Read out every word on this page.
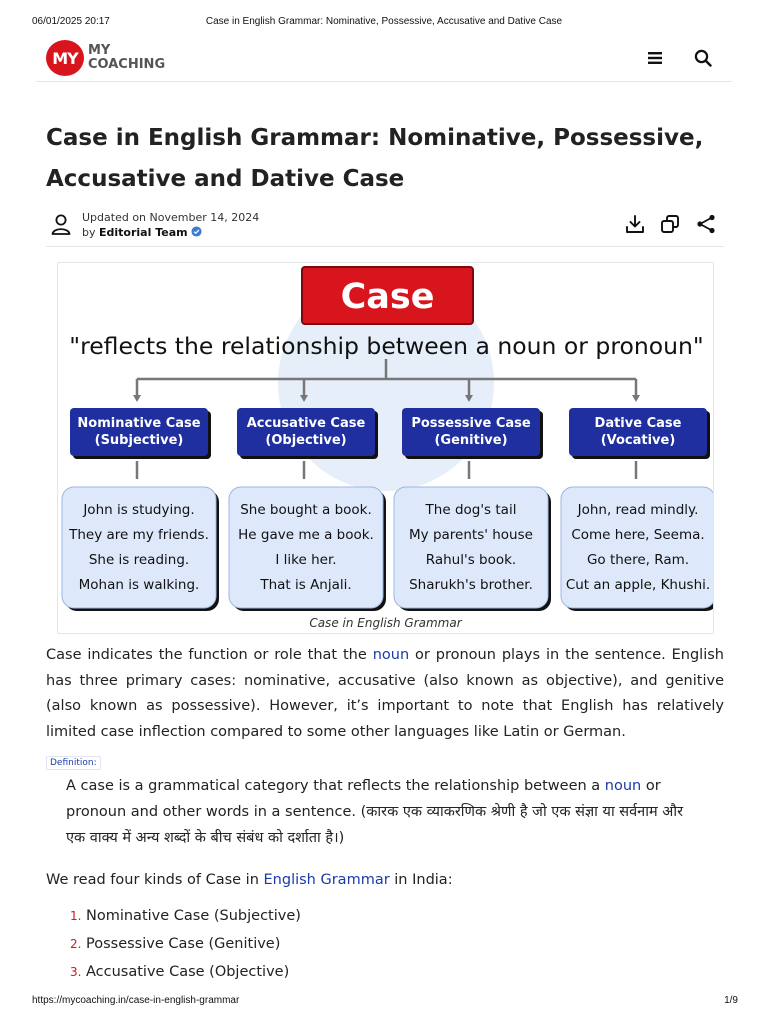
06/01/2025 20:17	Case in English Grammar: Nominative, Possessive, Accusative and Dative Case
MY MY
COACHING
Case in English Grammar: Nominative, Possessive, Accusative and Dative Case
Updated on November 14, 2024
by Editorial Team
Case
"reflects the relationship between a noun or pronoun"
Nominative Case
(Subjective)
John is studying.
They are my friends.
She is reading.
Mohan is walking.
Accusative Case
(Objective)
She bought a book.
He gave me a book.
I like her.
That is Anjali.
Possessive Case
(Genitive)
The dog's tail
My parents' house
Rahul's book.
Sharukh's brother.
Dative Case
(Vocative)
John, read mindly.
Come here, Seema.
Go there, Ram.
Cut an apple, Khushi.
Case in English Grammar

Case indicates the function or role that the noun or pronoun plays in the sentence. English has three primary cases: nominative, accusative (also known as objective), and genitive (also known as possessive). However, it’s important to note that English has relatively limited case inflection compared to some other languages like Latin or German.

Definition:

A case is a grammatical category that reflects the relationship between a noun or pronoun and other words in a sentence. (कारक एक व्याकरणिक श्रेणी है जो एक संज्ञा या सर्वनाम और एक वाक्य में अन्य शब्दों के बीच संबंध को दर्शाता है।)

We read four kinds of Case in English Grammar in India:

1. Nominative Case (Subjective)
2. Possessive Case (Genitive)
3. Accusative Case (Objective)
https://mycoaching.in/case-in-english-grammar	1/9
